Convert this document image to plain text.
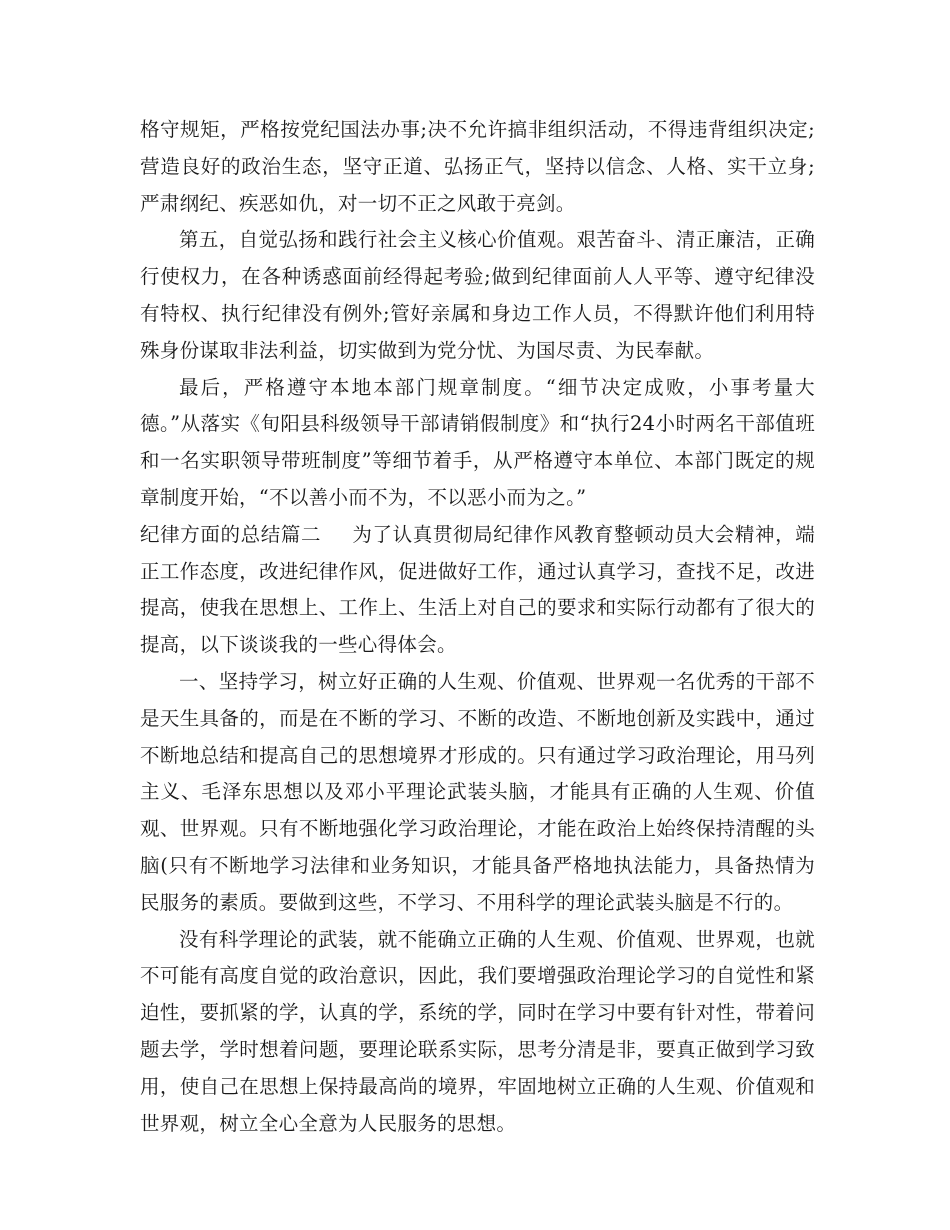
格守规矩，严格按党纪国法办事;决不允许搞非组织活动，不得违背组织决定;营造良好的政治生态，坚守正道、弘扬正气，坚持以信念、人格、实干立身;严肃纲纪、疾恶如仇，对一切不正之风敢于亮剑。

第五，自觉弘扬和践行社会主义核心价值观。艰苦奋斗、清正廉洁，正确行使权力，在各种诱惑面前经得起考验;做到纪律面前人人平等、遵守纪律没有特权、执行纪律没有例外;管好亲属和身边工作人员，不得默许他们利用特殊身份谋取非法利益，切实做到为党分忧、为国尽责、为民奉献。

最后，严格遵守本地本部门规章制度。“细节决定成败，小事考量大德。”从落实《旬阳县科级领导干部请销假制度》和“执行24小时两名干部值班和一名实职领导带班制度”等细节着手，从严格遵守本单位、本部门既定的规章制度开始，“不以善小而不为，不以恶小而为之。”

纪律方面的总结篇二 为了认真贯彻局纪律作风教育整顿动员大会精神，端正工作态度，改进纪律作风，促进做好工作，通过认真学习，查找不足，改进提高，使我在思想上、工作上、生活上对自己的要求和实际行动都有了很大的提高，以下谈谈我的一些心得体会。

一、坚持学习，树立好正确的人生观、价值观、世界观一名优秀的干部不是天生具备的，而是在不断的学习、不断的改造、不断地创新及实践中，通过不断地总结和提高自己的思想境界才形成的。只有通过学习政治理论，用马列主义、毛泽东思想以及邓小平理论武装头脑，才能具有正确的人生观、价值观、世界观。只有不断地强化学习政治理论，才能在政治上始终保持清醒的头脑(只有不断地学习法律和业务知识，才能具备严格地执法能力，具备热情为民服务的素质。要做到这些，不学习、不用科学的理论武装头脑是不行的。

没有科学理论的武装，就不能确立正确的人生观、价值观、世界观，也就不可能有高度自觉的政治意识，因此，我们要增强政治理论学习的自觉性和紧迫性，要抓紧的学，认真的学，系统的学，同时在学习中要有针对性，带着问题去学，学时想着问题，要理论联系实际，思考分清是非，要真正做到学习致用，使自己在思想上保持最高尚的境界，牢固地树立正确的人生观、价值观和世界观，树立全心全意为人民服务的思想。
